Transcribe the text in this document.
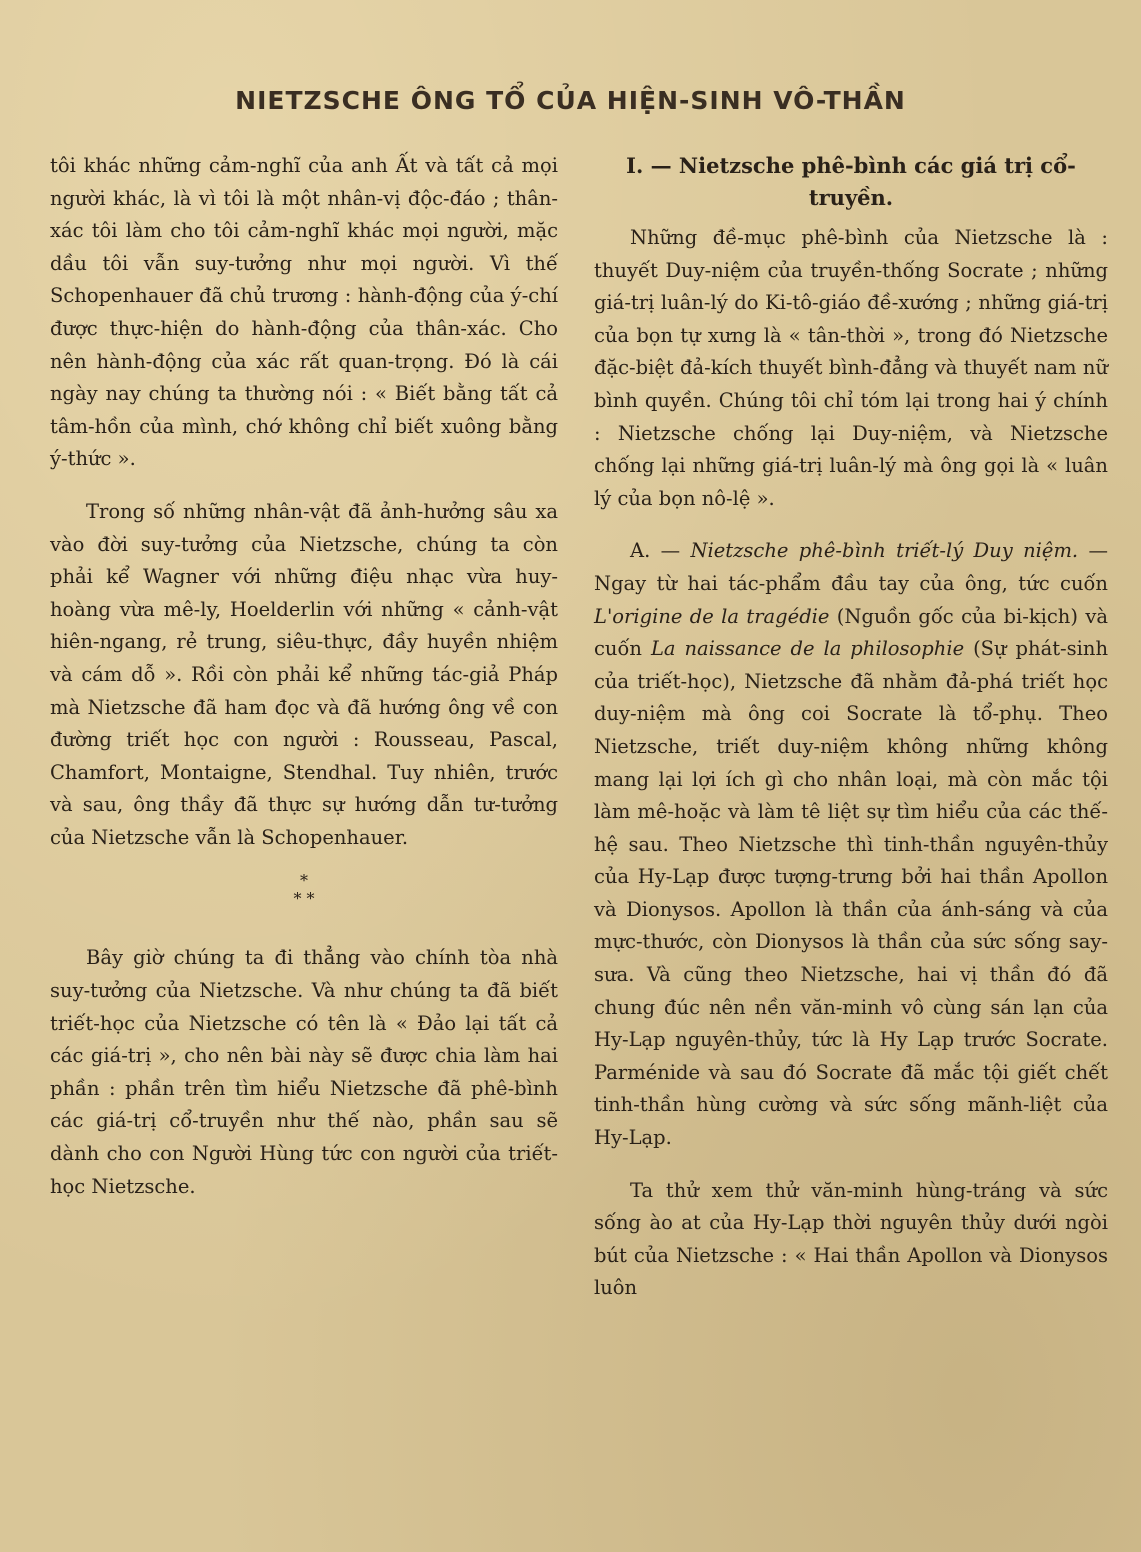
NIETZSCHE ÔNG TỔ CỦA HIỆN-SINH VÔ-THẦN

tôi khác những cảm-nghĩ của anh Ất và tất cả mọi người khác, là vì tôi là một nhân-vị độc-đáo ; thân-xác tôi làm cho tôi cảm-nghĩ khác mọi người, mặc dầu tôi vẫn suy-tưởng như mọi người. Vì thế Schopenhauer đã chủ trương : hành-động của ý-chí được thực-hiện do hành-động của thân-xác. Cho nên hành-động của xác rất quan-trọng. Đó là cái ngày nay chúng ta thường nói : « Biết bằng tất cả tâm-hồn của mình, chớ không chỉ biết xuông bằng ý-thức ».

Trong số những nhân-vật đã ảnh-hưởng sâu xa vào đời suy-tưởng của Nietzsche, chúng ta còn phải kể Wagner với những điệu nhạc vừa huy-hoàng vừa mê-ly, Hoelderlin với những « cảnh-vật hiên-ngang, rẻ trung, siêu-thực, đầy huyền nhiệm và cám dỗ ». Rồi còn phải kể những tác-giả Pháp mà Nietzsche đã ham đọc và đã hướng ông về con đường triết học con người : Rousseau, Pascal, Chamfort, Montaigne, Stendhal. Tuy nhiên, trước và sau, ông thầy đã thực sự hướng dẫn tư-tưởng của Nietzsche vẫn là Schopenhauer.

*
* *

Bây giờ chúng ta đi thẳng vào chính tòa nhà suy-tưởng của Nietzsche. Và như chúng ta đã biết triết-học của Nietzsche có tên là « Đảo lại tất cả các giá-trị », cho nên bài này sẽ được chia làm hai phần : phần trên tìm hiểu Nietzsche đã phê-bình các giá-trị cổ-truyền như thế nào, phần sau sẽ dành cho con Người Hùng tức con người của triết-học Nietzsche.

I. — Nietzsche phê-bình các giá trị cổ-truyền.

Những đề-mục phê-bình của Nietzsche là : thuyết Duy-niệm của truyền-thống Socrate ; những giá-trị luân-lý do Ki-tô-giáo đề-xướng ; những giá-trị của bọn tự xưng là « tân-thời », trong đó Nietzsche đặc-biệt đả-kích thuyết bình-đẳng và thuyết nam nữ bình quyền. Chúng tôi chỉ tóm lại trong hai ý chính : Nietzsche chống lại Duy-niệm, và Nietzsche chống lại những giá-trị luân-lý mà ông gọi là « luân lý của bọn nô-lệ ».

A. — Nietzsche phê-bình triết-lý Duy niệm. — Ngay từ hai tác-phẩm đầu tay của ông, tức cuốn L'origine de la tragédie (Nguồn gốc của bi-kịch) và cuốn La naissance de la philosophie (Sự phát-sinh của triết-học), Nietzsche đã nhằm đả-phá triết học duy-niệm mà ông coi Socrate là tổ-phụ. Theo Nietzsche, triết duy-niệm không những không mang lại lợi ích gì cho nhân loại, mà còn mắc tội làm mê-hoặc và làm tê liệt sự tìm hiểu của các thế-hệ sau. Theo Nietzsche thì tinh-thần nguyên-thủy của Hy-Lạp được tượng-trưng bởi hai thần Apollon và Dionysos. Apollon là thần của ánh-sáng và của mực-thước, còn Dionysos là thần của sức sống say-sưa. Và cũng theo Nietzsche, hai vị thần đó đã chung đúc nên nền văn-minh vô cùng sán lạn của Hy-Lạp nguyên-thủy, tức là Hy Lạp trước Socrate. Parménide và sau đó Socrate đã mắc tội giết chết tinh-thần hùng cường và sức sống mãnh-liệt của Hy-Lạp.

Ta thử xem thử văn-minh hùng-tráng và sức sống ào at của Hy-Lạp thời nguyên thủy dưới ngòi bút của Nietzsche : « Hai thần Apollon và Dionysos luôn
